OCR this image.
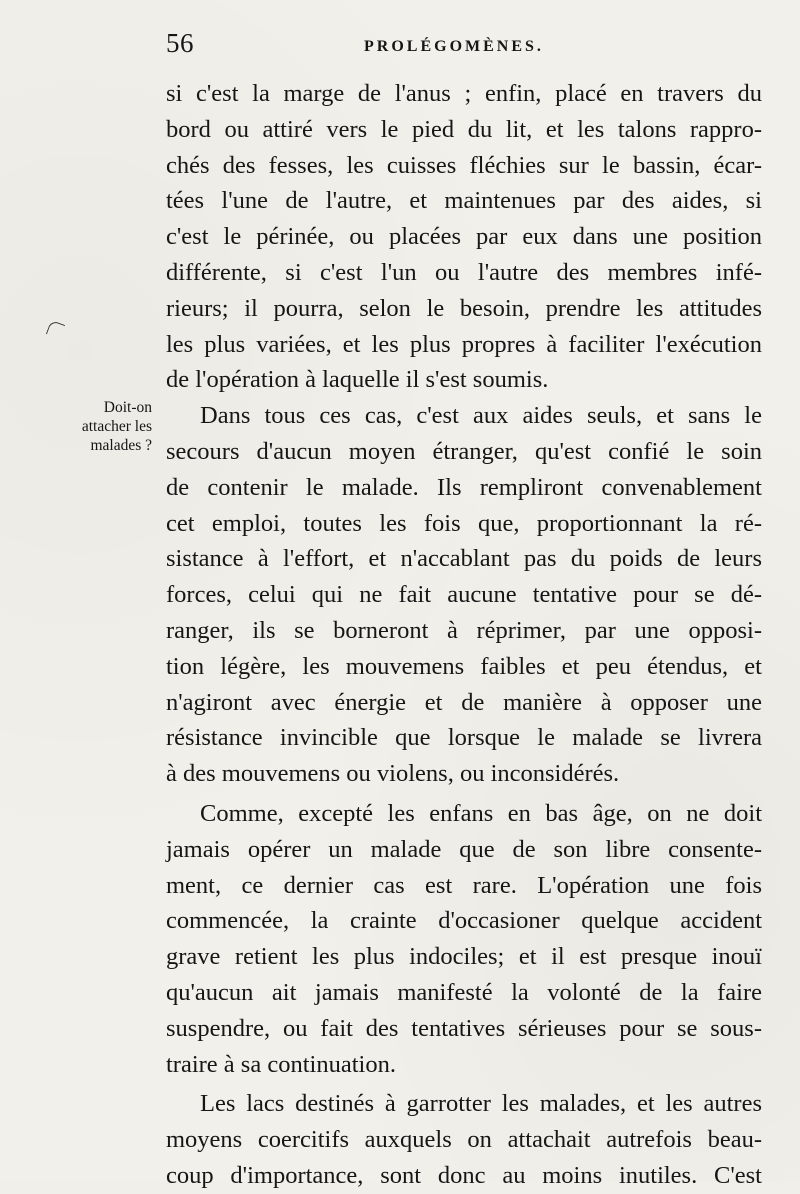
56	PROLÉGOMÈNES.
Doit-on
attacher les
malades ?
si c'est la marge de l'anus ; enfin, placé en travers du
bord ou attiré vers le pied du lit, et les talons rappro-
chés des fesses, les cuisses fléchies sur le bassin, écar-
tées l'une de l'autre, et maintenues par des aides, si
c'est le périnée, ou placées par eux dans une position
différente, si c'est l'un ou l'autre des membres infé-
rieurs; il pourra, selon le besoin, prendre les attitudes
les plus variées, et les plus propres à faciliter l'exécution
de l'opération à laquelle il s'est soumis.
Dans tous ces cas, c'est aux aides seuls, et sans le
secours d'aucun moyen étranger, qu'est confié le soin
de contenir le malade. Ils rempliront convenablement
cet emploi, toutes les fois que, proportionnant la ré-
sistance à l'effort, et n'accablant pas du poids de leurs
forces, celui qui ne fait aucune tentative pour se dé-
ranger, ils se borneront à réprimer, par une opposi-
tion légère, les mouvemens faibles et peu étendus, et
n'agiront avec énergie et de manière à opposer une
résistance invincible que lorsque le malade se livrera
à des mouvemens ou violens, ou inconsidérés.
Comme, excepté les enfans en bas âge, on ne doit
jamais opérer un malade que de son libre consente-
ment, ce dernier cas est rare. L'opération une fois
commencée, la crainte d'occasioner quelque accident
grave retient les plus indociles; et il est presque inouï
qu'aucun ait jamais manifesté la volonté de la faire
suspendre, ou fait des tentatives sérieuses pour se sous-
traire à sa continuation.
Les lacs destinés à garrotter les malades, et les autres
moyens coercitifs auxquels on attachait autrefois beau-
coup d'importance, sont donc au moins inutiles. C'est
